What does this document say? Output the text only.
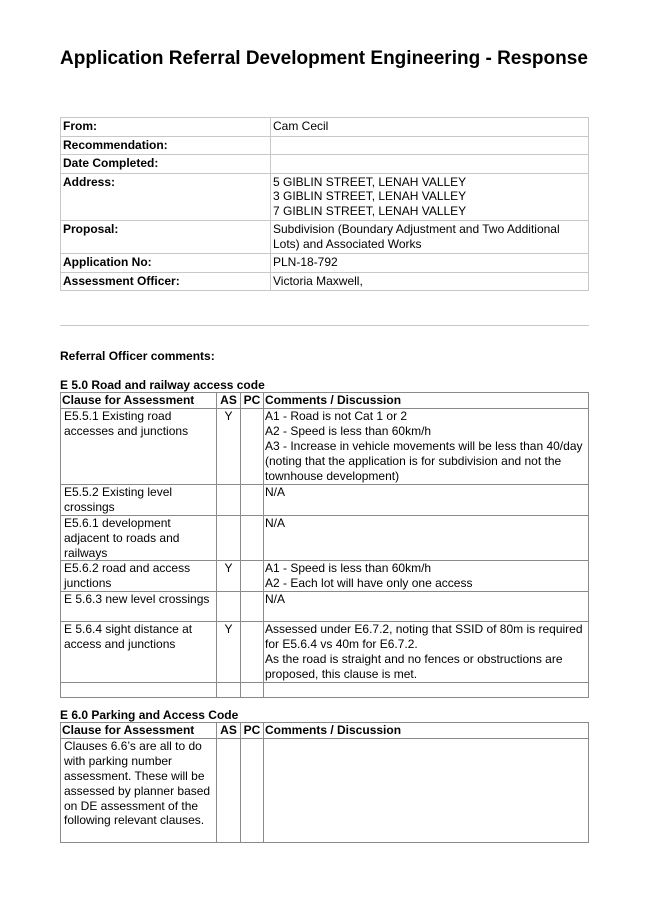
Application Referral Development Engineering - Response
From:	Cam Cecil
Recommendation:	
Date Completed:	
Address:	5 GIBLIN STREET, LENAH VALLEY
3 GIBLIN STREET, LENAH VALLEY
7 GIBLIN STREET, LENAH VALLEY
Proposal:	Subdivision (Boundary Adjustment and Two Additional Lots) and Associated Works
Application No:	PLN-18-792
Assessment Officer:	Victoria Maxwell,
Referral Officer comments:
E 5.0 Road and railway access code
Clause for Assessment	AS	PC	Comments / Discussion
E5.5.1 Existing road accesses and junctions	Y		A1 - Road is not Cat 1 or 2
A2 - Speed is less than 60km/h
A3 - Increase in vehicle movements will be less than 40/day (noting that the application is for subdivision and not the townhouse development)
E5.5.2 Existing level crossings			N/A
E5.6.1 development adjacent to roads and railways			N/A
E5.6.2 road and access junctions	Y		A1 - Speed is less than 60km/h
A2 - Each lot will have only one access
E 5.6.3 new level crossings			N/A
E 5.6.4 sight distance at access and junctions	Y		Assessed under E6.7.2, noting that SSID of 80m is required for E5.6.4 vs 40m for E6.7.2.
As the road is straight and no fences or obstructions are proposed, this clause is met.

E 6.0 Parking and Access Code
Clause for Assessment	AS	PC	Comments / Discussion
Clauses 6.6’s are all to do with parking number assessment. These will be assessed by planner based on DE assessment of the following relevant clauses.			
